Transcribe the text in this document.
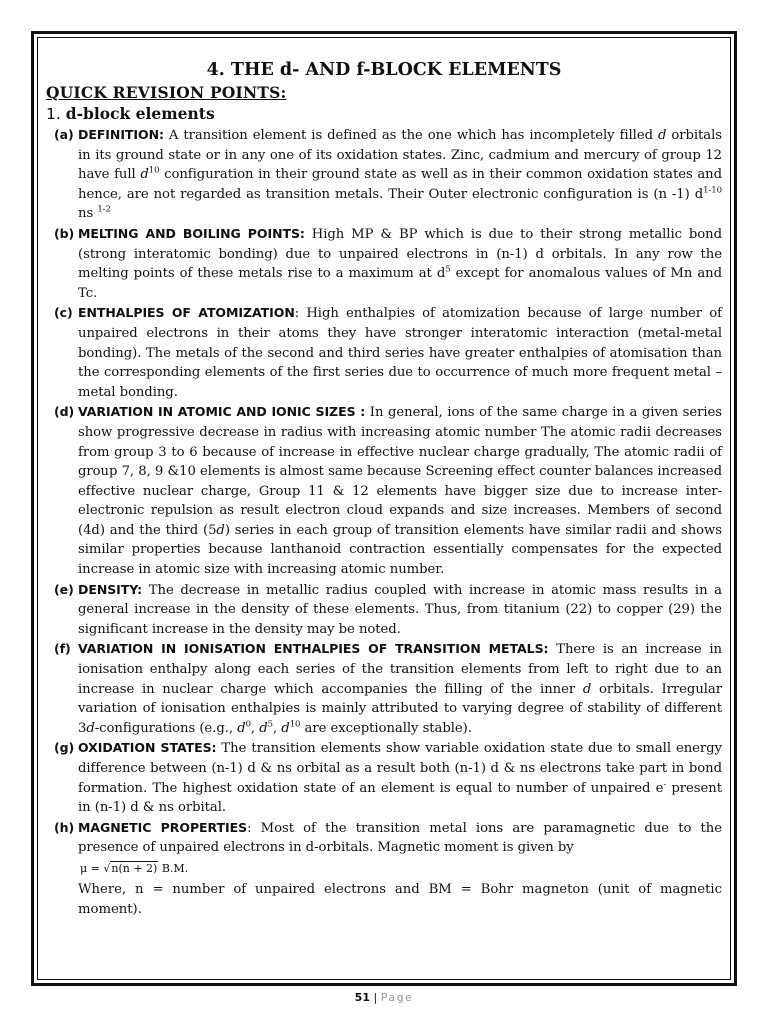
4. THE d- AND f-BLOCK ELEMENTS

QUICK REVISION POINTS:

1. d-block elements

(a) DEFINITION: A transition element is defined as the one which has incompletely filled d orbitals in its ground state or in any one of its oxidation states. Zinc, cadmium and mercury of group 12 have full $d^{10}$ configuration in their ground state as well as in their common oxidation states and hence, are not regarded as transition metals. Their Outer electronic configuration is (n -1) $d^{1-10}$ ns $^{1-2}$

(b) MELTING AND BOILING POINTS: High MP & BP which is due to their strong metallic bond (strong interatomic bonding) due to unpaired electrons in (n-1) d orbitals. In any row the melting points of these metals rise to a maximum at $d^5$ except for anomalous values of Mn and Tc.

(c) ENTHALPIES OF ATOMIZATION: High enthalpies of atomization because of large number of unpaired electrons in their atoms they have stronger interatomic interaction (metal-metal bonding). The metals of the second and third series have greater enthalpies of atomisation than the corresponding elements of the first series due to occurrence of much more frequent metal – metal bonding.

(d) VARIATION IN ATOMIC AND IONIC SIZES : In general, ions of the same charge in a given series show progressive decrease in radius with increasing atomic number The atomic radii decreases from group 3 to 6 because of increase in effective nuclear charge gradually, The atomic radii of group 7, 8, 9 &10 elements is almost same because Screening effect counter balances increased effective nuclear charge, Group 11 & 12 elements have bigger size due to increase inter-electronic repulsion as result electron cloud expands and size increases. Members of second (4d) and the third (5d) series in each group of transition elements have similar radii and shows similar properties because lanthanoid contraction essentially compensates for the expected increase in atomic size with increasing atomic number.

(e) DENSITY: The decrease in metallic radius coupled with increase in atomic mass results in a general increase in the density of these elements. Thus, from titanium (22) to copper (29) the significant increase in the density may be noted.

(f) VARIATION IN IONISATION ENTHALPIES OF TRANSITION METALS: There is an increase in ionisation enthalpy along each series of the transition elements from left to right due to an increase in nuclear charge which accompanies the filling of the inner d orbitals. Irregular variation of ionisation enthalpies is mainly attributed to varying degree of stability of different 3d-configurations (e.g., $d^0$, $d^5$, $d^{10}$ are exceptionally stable).

(g) OXIDATION STATES: The transition elements show variable oxidation state due to small energy difference between (n-1) d & ns orbital as a result both (n-1) d & ns electrons take part in bond formation. The highest oxidation state of an element is equal to number of unpaired e- present in (n-1) d & ns orbital.

(h) MAGNETIC PROPERTIES: Most of the transition metal ions are paramagnetic due to the presence of unpaired electrons in d-orbitals. Magnetic moment is given by

μ = √n(n + 2) B.M.

Where, n = number of unpaired electrons and BM = Bohr magneton (unit of magnetic moment).

51 | Page
